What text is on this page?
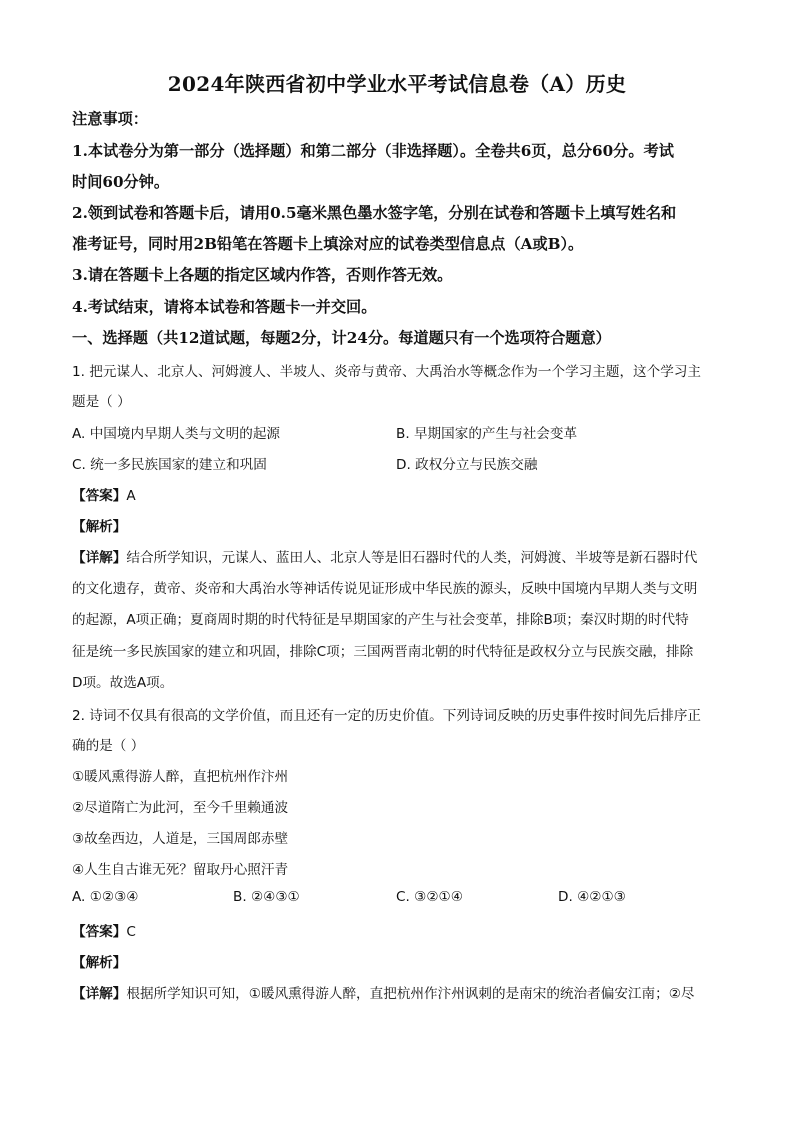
2024年陕西省初中学业水平考试信息卷（A）历史
注意事项：
1.本试卷分为第一部分（选择题）和第二部分（非选择题）。全卷共6页，总分60分。考试
时间60分钟。
2.领到试卷和答题卡后，请用0.5毫米黑色墨水签字笔，分别在试卷和答题卡上填写姓名和
准考证号，同时用2B铅笔在答题卡上填涂对应的试卷类型信息点（A或B）。
3.请在答题卡上各题的指定区域内作答，否则作答无效。
4.考试结束，请将本试卷和答题卡一并交回。
一、选择题（共12道试题，每题2分，计24分。每道题只有一个选项符合题意）
1. 把元谋人、北京人、河姆渡人、半坡人、炎帝与黄帝、大禹治水等概念作为一个学习主题，这个学习主
题是（ ）
A. 中国境内早期人类与文明的起源	B. 早期国家的产生与社会变革
C. 统一多民族国家的建立和巩固	D. 政权分立与民族交融
【答案】A
【解析】
【详解】结合所学知识，元谋人、蓝田人、北京人等是旧石器时代的人类，河姆渡、半坡等是新石器时代
的文化遗存，黄帝、炎帝和大禹治水等神话传说见证形成中华民族的源头，反映中国境内早期人类与文明
的起源，A项正确；夏商周时期的时代特征是早期国家的产生与社会变革，排除B项；秦汉时期的时代特
征是统一多民族国家的建立和巩固，排除C项；三国两晋南北朝的时代特征是政权分立与民族交融，排除
D项。故选A项。
2. 诗词不仅具有很高的文学价值，而且还有一定的历史价值。下列诗词反映的历史事件按时间先后排序正
确的是（ ）
①暖风熏得游人醉，直把杭州作汴州
②尽道隋亡为此河，至今千里赖通波
③故垒西边，人道是，三国周郎赤壁
④人生自古谁无死？留取丹心照汗青
A. ①②③④	B. ②④③①	C. ③②①④	D. ④②①③
【答案】C
【解析】
【详解】根据所学知识可知，①暖风熏得游人醉，直把杭州作汴州讽刺的是南宋的统治者偏安江南；②尽
